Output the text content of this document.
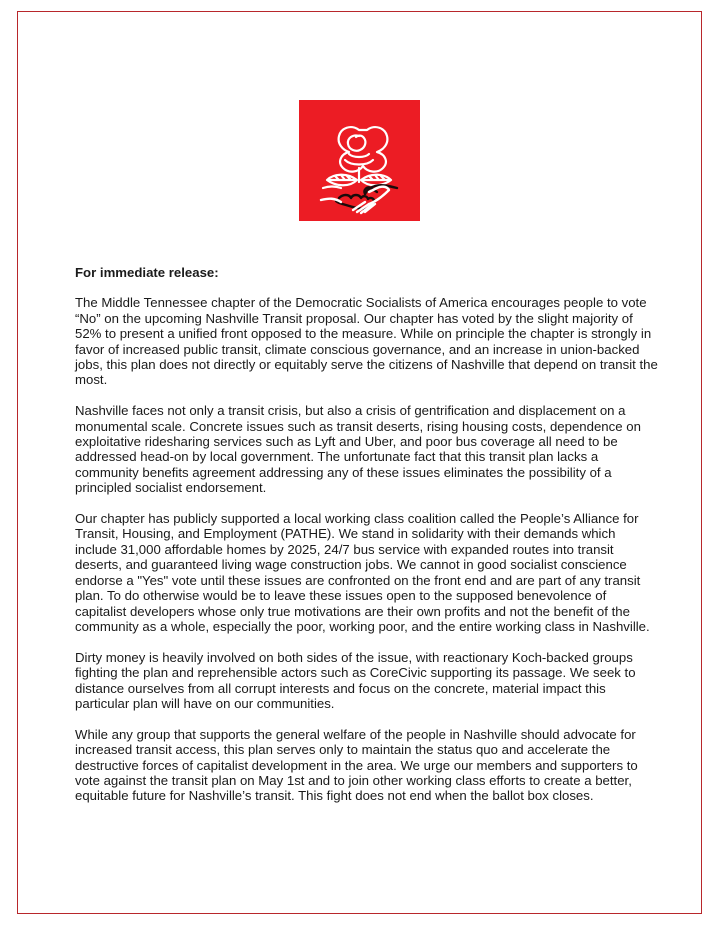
For immediate release:

The Middle Tennessee chapter of the Democratic Socialists of America encourages people to vote “No” on the upcoming Nashville Transit proposal. Our chapter has voted by the slight majority of 52% to present a unified front opposed to the measure. While on principle the chapter is strongly in favor of increased public transit, climate conscious governance, and an increase in union-backed jobs, this plan does not directly or equitably serve the citizens of Nashville that depend on transit the most.

Nashville faces not only a transit crisis, but also a crisis of gentrification and displacement on a monumental scale. Concrete issues such as transit deserts, rising housing costs, dependence on exploitative ridesharing services such as Lyft and Uber, and poor bus coverage all need to be addressed head-on by local government. The unfortunate fact that this transit plan lacks a community benefits agreement addressing any of these issues eliminates the possibility of a principled socialist endorsement.

Our chapter has publicly supported a local working class coalition called the People’s Alliance for Transit, Housing, and Employment (PATHE). We stand in solidarity with their demands which include 31,000 affordable homes by 2025, 24/7 bus service with expanded routes into transit deserts, and guaranteed living wage construction jobs. We cannot in good socialist conscience endorse a "Yes" vote until these issues are confronted on the front end and are part of any transit plan. To do otherwise would be to leave these issues open to the supposed benevolence of capitalist developers whose only true motivations are their own profits and not the benefit of the community as a whole, especially the poor, working poor, and the entire working class in Nashville.

Dirty money is heavily involved on both sides of the issue, with reactionary Koch-backed groups fighting the plan and reprehensible actors such as CoreCivic supporting its passage. We seek to distance ourselves from all corrupt interests and focus on the concrete, material impact this particular plan will have on our communities.

While any group that supports the general welfare of the people in Nashville should advocate for increased transit access, this plan serves only to maintain the status quo and accelerate the destructive forces of capitalist development in the area. We urge our members and supporters to vote against the transit plan on May 1st and to join other working class efforts to create a better, equitable future for Nashville’s transit. This fight does not end when the ballot box closes.
